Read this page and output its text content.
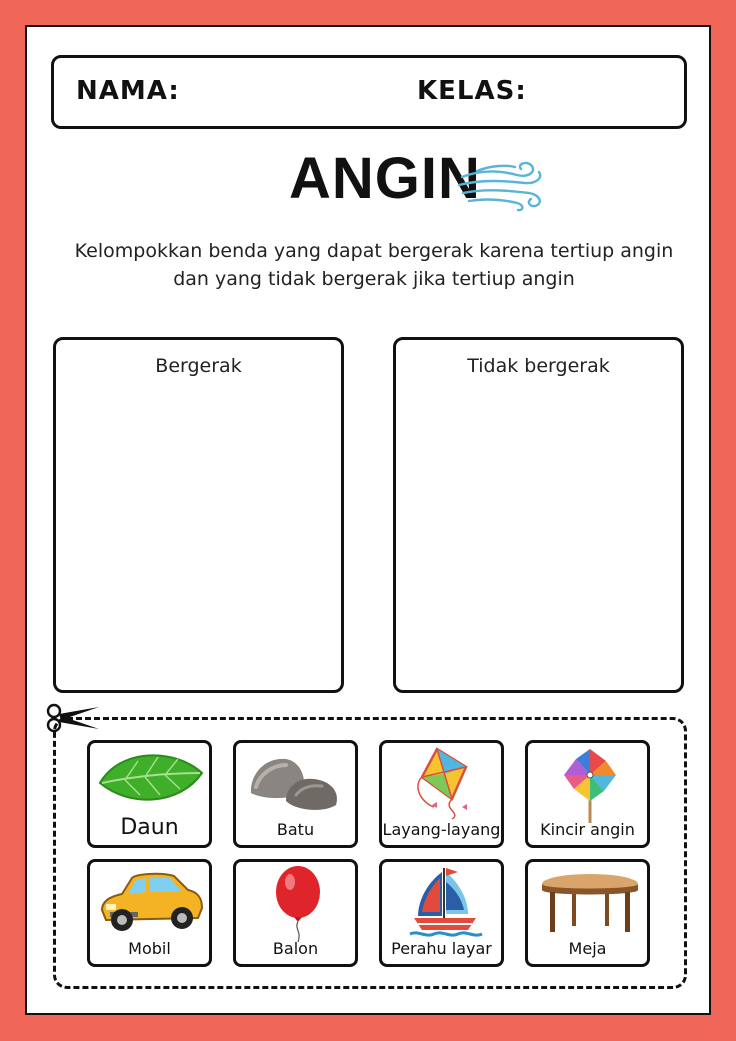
NAMA:	KELAS:
ANGIN
Kelompokkan benda yang dapat bergerak karena tertiup angin dan yang tidak bergerak jika tertiup angin
Bergerak	Tidak bergerak
Daun	Batu	Layang-layang	Kincir angin
Mobil	Balon	Perahu layar	Meja
